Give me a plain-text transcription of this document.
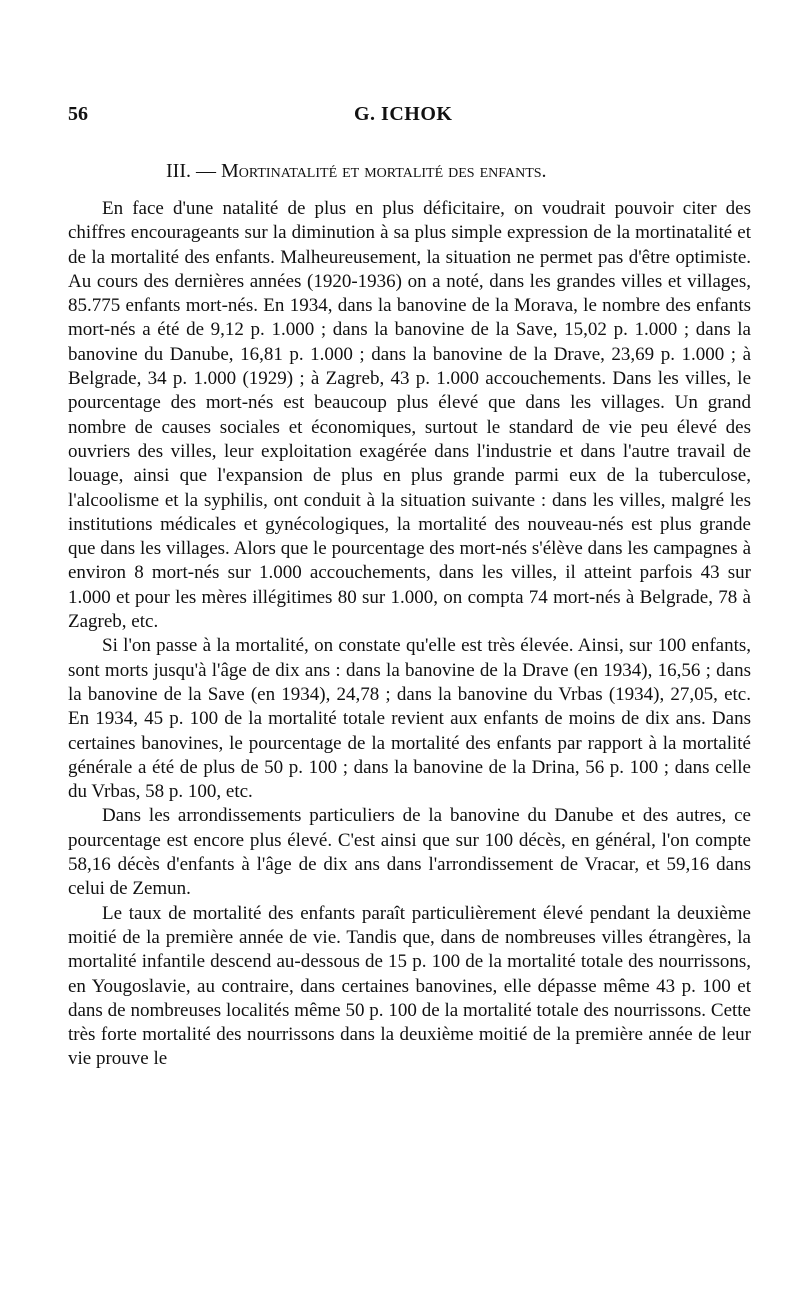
56	G. ICHOK
III. — Mortinatalité et mortalité des enfants.

En face d'une natalité de plus en plus déficitaire, on voudrait pouvoir citer des chiffres encourageants sur la diminution à sa plus simple expression de la mortinatalité et de la mortalité des enfants. Malheureusement, la situation ne permet pas d'être optimiste. Au cours des dernières années (1920-1936) on a noté, dans les grandes villes et villages, 85.775 enfants mort-nés. En 1934, dans la banovine de la Morava, le nombre des enfants mort-nés a été de 9,12 p. 1.000 ; dans la banovine de la Save, 15,02 p. 1.000 ; dans la banovine du Danube, 16,81 p. 1.000 ; dans la banovine de la Drave, 23,69 p. 1.000 ; à Belgrade, 34 p. 1.000 (1929) ; à Zagreb, 43 p. 1.000 accouchements. Dans les villes, le pourcentage des mort-nés est beaucoup plus élevé que dans les villages. Un grand nombre de causes sociales et économiques, surtout le standard de vie peu élevé des ouvriers des villes, leur exploitation exagérée dans l'industrie et dans l'autre travail de louage, ainsi que l'expansion de plus en plus grande parmi eux de la tuberculose, l'alcoolisme et la syphilis, ont conduit à la situation suivante : dans les villes, malgré les institutions médicales et gynécologiques, la mortalité des nouveau-nés est plus grande que dans les villages. Alors que le pourcentage des mort-nés s'élève dans les campagnes à environ 8 mort-nés sur 1.000 accouchements, dans les villes, il atteint parfois 43 sur 1.000 et pour les mères illégitimes 80 sur 1.000, on compta 74 mort-nés à Belgrade, 78 à Zagreb, etc.

Si l'on passe à la mortalité, on constate qu'elle est très élevée. Ainsi, sur 100 enfants, sont morts jusqu'à l'âge de dix ans : dans la banovine de la Drave (en 1934), 16,56 ; dans la banovine de la Save (en 1934), 24,78 ; dans la banovine du Vrbas (1934), 27,05, etc. En 1934, 45 p. 100 de la mortalité totale revient aux enfants de moins de dix ans. Dans certaines banovines, le pourcentage de la mortalité des enfants par rapport à la mortalité générale a été de plus de 50 p. 100 ; dans la banovine de la Drina, 56 p. 100 ; dans celle du Vrbas, 58 p. 100, etc.

Dans les arrondissements particuliers de la banovine du Danube et des autres, ce pourcentage est encore plus élevé. C'est ainsi que sur 100 décès, en général, l'on compte 58,16 décès d'enfants à l'âge de dix ans dans l'arrondissement de Vracar, et 59,16 dans celui de Zemun.

Le taux de mortalité des enfants paraît particulièrement élevé pendant la deuxième moitié de la première année de vie. Tandis que, dans de nombreuses villes étrangères, la mortalité infantile descend au-dessous de 15 p. 100 de la mortalité totale des nourrissons, en Yougoslavie, au contraire, dans certaines banovines, elle dépasse même 43 p. 100 et dans de nombreuses localités même 50 p. 100 de la mortalité totale des nourrissons. Cette très forte mortalité des nourrissons dans la deuxième moitié de la première année de leur vie prouve le
